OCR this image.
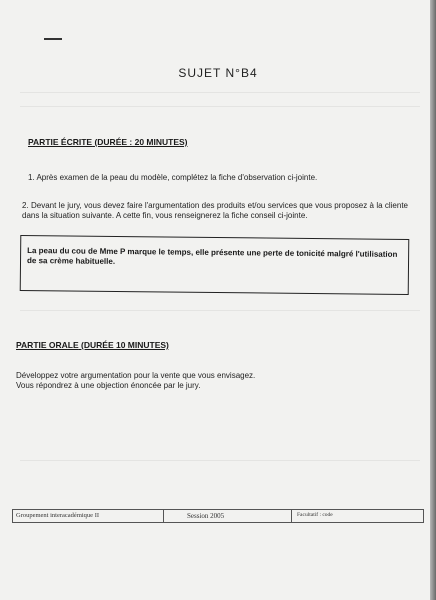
SUJET N°B4
PARTIE ÉCRITE (DURÉE : 20 MINUTES)
1. Après examen de la peau du modèle, complétez la fiche d'observation ci-jointe.
2. Devant le jury, vous devez faire l'argumentation des produits et/ou services que vous proposez à la cliente dans la situation suivante. A cette fin, vous renseignerez la fiche conseil ci-jointe.
La peau du cou de Mme P marque le temps, elle présente une perte de tonicité malgré l'utilisation de sa crème habituelle.
PARTIE ORALE (DURÉE 10 MINUTES)
Développez votre argumentation pour la vente que vous envisagez.
Vous répondrez à une objection énoncée par le jury.
Groupement interacadémique II	Session 2005	Facultatif : code
